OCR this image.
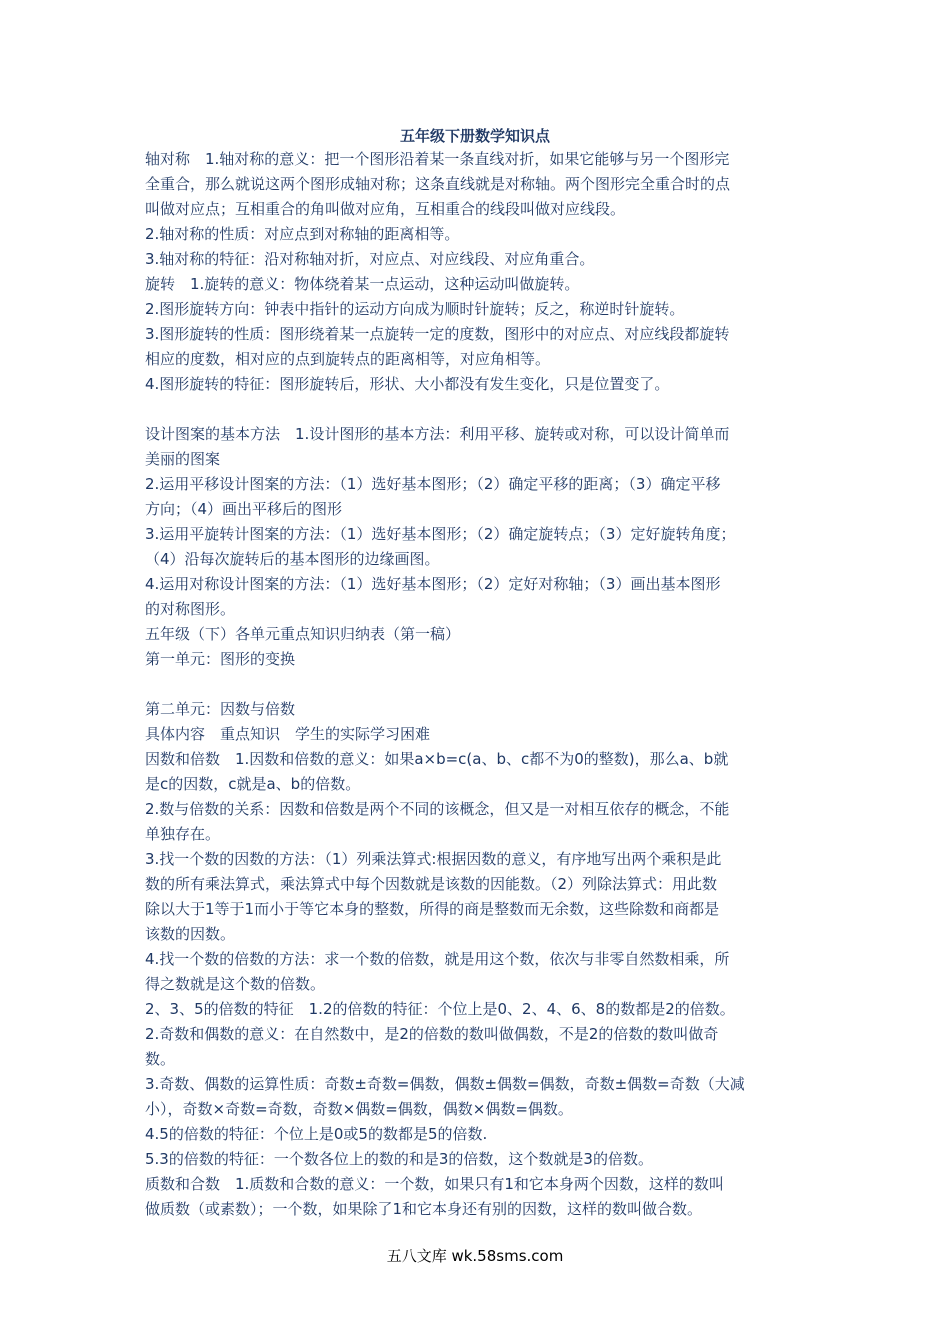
五年级下册数学知识点
轴对称　1.轴对称的意义：把一个图形沿着某一条直线对折，如果它能够与另一个图形完
全重合，那么就说这两个图形成轴对称；这条直线就是对称轴。两个图形完全重合时的点
叫做对应点；互相重合的角叫做对应角，互相重合的线段叫做对应线段。
2.轴对称的性质：对应点到对称轴的距离相等。
3.轴对称的特征：沿对称轴对折，对应点、对应线段、对应角重合。
旋转　1.旋转的意义：物体绕着某一点运动，这种运动叫做旋转。
2.图形旋转方向：钟表中指针的运动方向成为顺时针旋转；反之，称逆时针旋转。
3.图形旋转的性质：图形绕着某一点旋转一定的度数，图形中的对应点、对应线段都旋转
相应的度数，相对应的点到旋转点的距离相等，对应角相等。
4.图形旋转的特征：图形旋转后，形状、大小都没有发生变化，只是位置变了。
设计图案的基本方法　1.设计图形的基本方法：利用平移、旋转或对称，可以设计简单而
美丽的图案
2.运用平移设计图案的方法：（1）选好基本图形；（2）确定平移的距离；（3）确定平移
方向；（4）画出平移后的图形
3.运用平旋转计图案的方法：（1）选好基本图形；（2）确定旋转点；（3）定好旋转角度；
（4）沿每次旋转后的基本图形的边缘画图。
4.运用对称设计图案的方法：（1）选好基本图形；（2）定好对称轴；（3）画出基本图形
的对称图形。
五年级（下）各单元重点知识归纳表（第一稿）
第一单元：图形的变换
第二单元：因数与倍数
具体内容　重点知识　学生的实际学习困难
因数和倍数　1.因数和倍数的意义：如果a×b=c(a、b、c都不为0的整数)，那么a、b就
是c的因数，c就是a、b的倍数。
2.数与倍数的关系：因数和倍数是两个不同的该概念，但又是一对相互依存的概念，不能
单独存在。
3.找一个数的因数的方法：（1）列乘法算式:根据因数的意义，有序地写出两个乘积是此
数的所有乘法算式，乘法算式中每个因数就是该数的因能数。（2）列除法算式：用此数
除以大于1等于1而小于等它本身的整数，所得的商是整数而无余数，这些除数和商都是
该数的因数。
4.找一个数的倍数的方法：求一个数的倍数，就是用这个数，依次与非零自然数相乘，所
得之数就是这个数的倍数。
2、3、5的倍数的特征　1.2的倍数的特征：个位上是0、2、4、6、8的数都是2的倍数。
2.奇数和偶数的意义：在自然数中，是2的倍数的数叫做偶数，不是2的倍数的数叫做奇
数。
3.奇数、偶数的运算性质：奇数±奇数=偶数，偶数±偶数=偶数，奇数±偶数=奇数（大减
小），奇数×奇数=奇数，奇数×偶数=偶数，偶数×偶数=偶数。
4.5的倍数的特征：个位上是0或5的数都是5的倍数.
5.3的倍数的特征：一个数各位上的数的和是3的倍数，这个数就是3的倍数。
质数和合数　1.质数和合数的意义：一个数，如果只有1和它本身两个因数，这样的数叫
做质数（或素数）；一个数，如果除了1和它本身还有别的因数，这样的数叫做合数。
五八文库 wk.58sms.com
